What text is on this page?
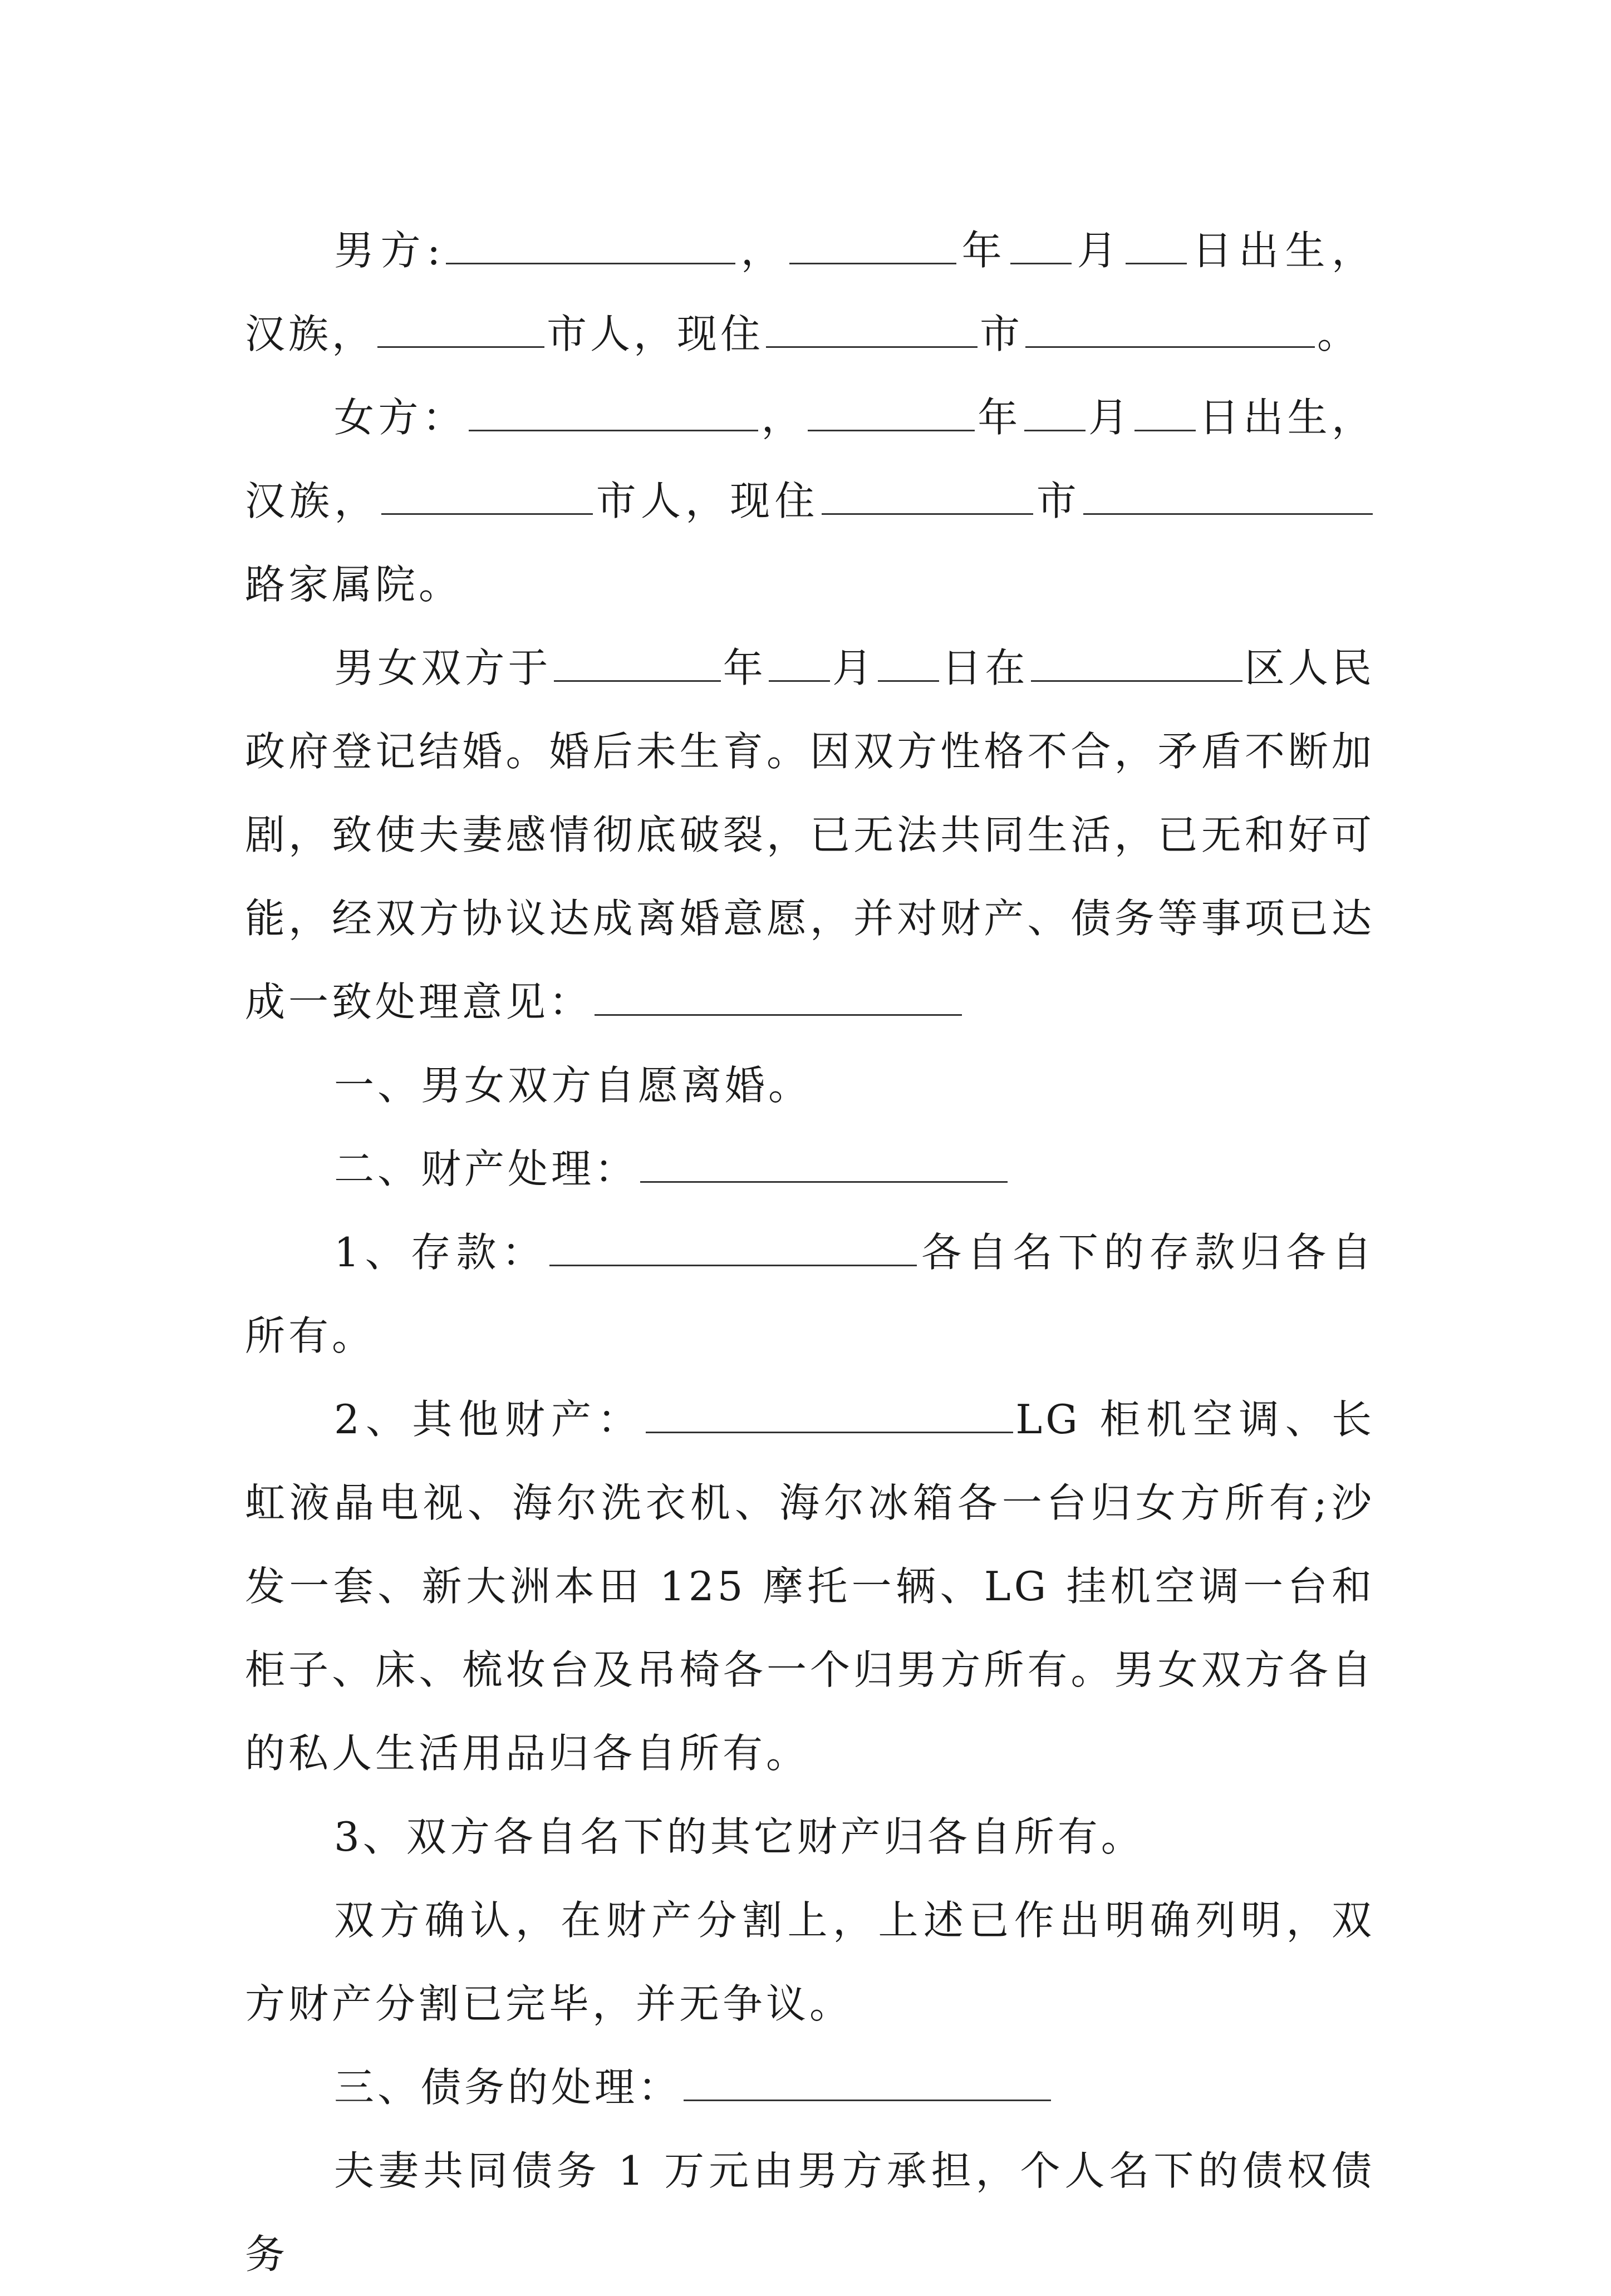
男方:	，	年 月 日出生，汉族，	市人，现住	市	。

女方：	，	年 月 日出生，汉族，	市人，现住	市路家属院。

男女双方于	年 月 日在	区人民政府登记结婚。婚后未生育。因双方性格不合，矛盾不断加剧，致使夫妻感情彻底破裂，已无法共同生活，已无和好可能，经双方协议达成离婚意愿，并对财产、债务等事项已达成一致处理意见：

一、男女双方自愿离婚。

二、财产处理：

1、存款：	各自名下的存款归各自所有。

2、其他财产：	LG 柜机空调、长虹液晶电视、海尔洗衣机、海尔冰箱各一台归女方所有;沙发一套、新大洲本田 125 摩托一辆、LG 挂机空调一台和柜子、床、梳妆台及吊椅各一个归男方所有。男女双方各自的私人生活用品归各自所有。

3、双方各自名下的其它财产归各自所有。

双方确认，在财产分割上，上述已作出明确列明，双方财产分割已完毕，并无争议。

三、债务的处理：

夫妻共同债务 1 万元由男方承担，个人名下的债权债务
